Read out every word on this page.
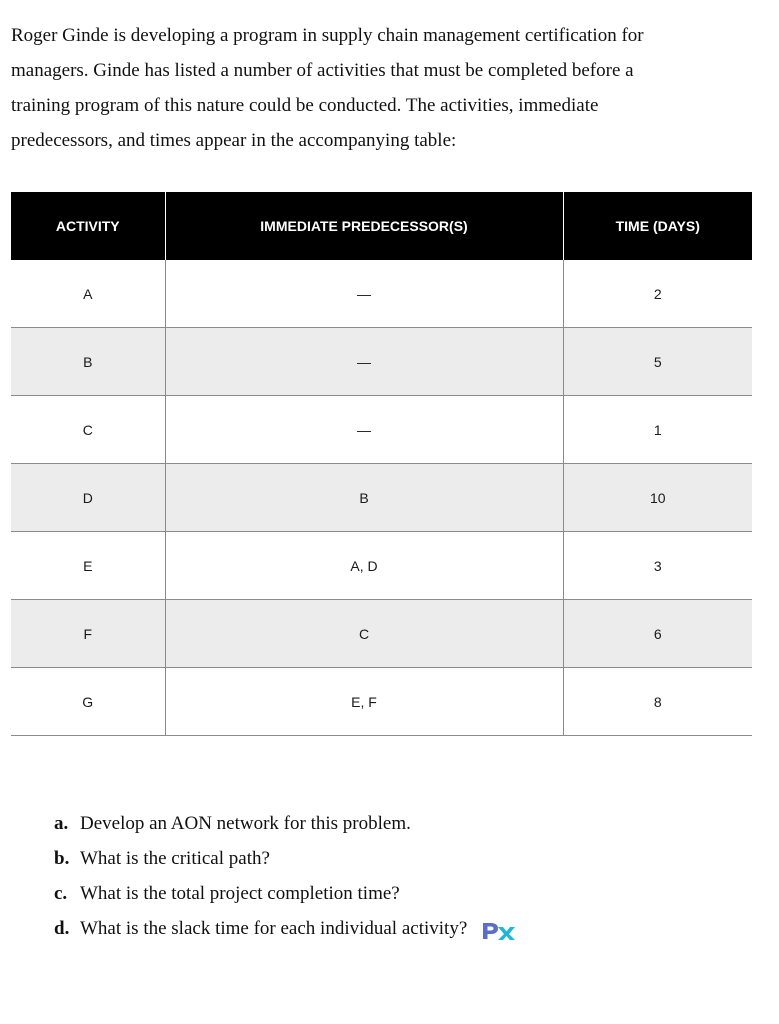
Roger Ginde is developing a program in supply chain management certification for
managers. Ginde has listed a number of activities that must be completed before a
training program of this nature could be conducted. The activities, immediate
predecessors, and times appear in the accompanying table:
ACTIVITY	IMMEDIATE PREDECESSOR(S)	TIME (DAYS)
A	—	2
B	—	5
C	—	1
D	B	10
E	A, D	3
F	C	6
G	E, F	8
a. Develop an AON network for this problem.
b. What is the critical path?
c. What is the total project completion time?
d. What is the slack time for each individual activity?
